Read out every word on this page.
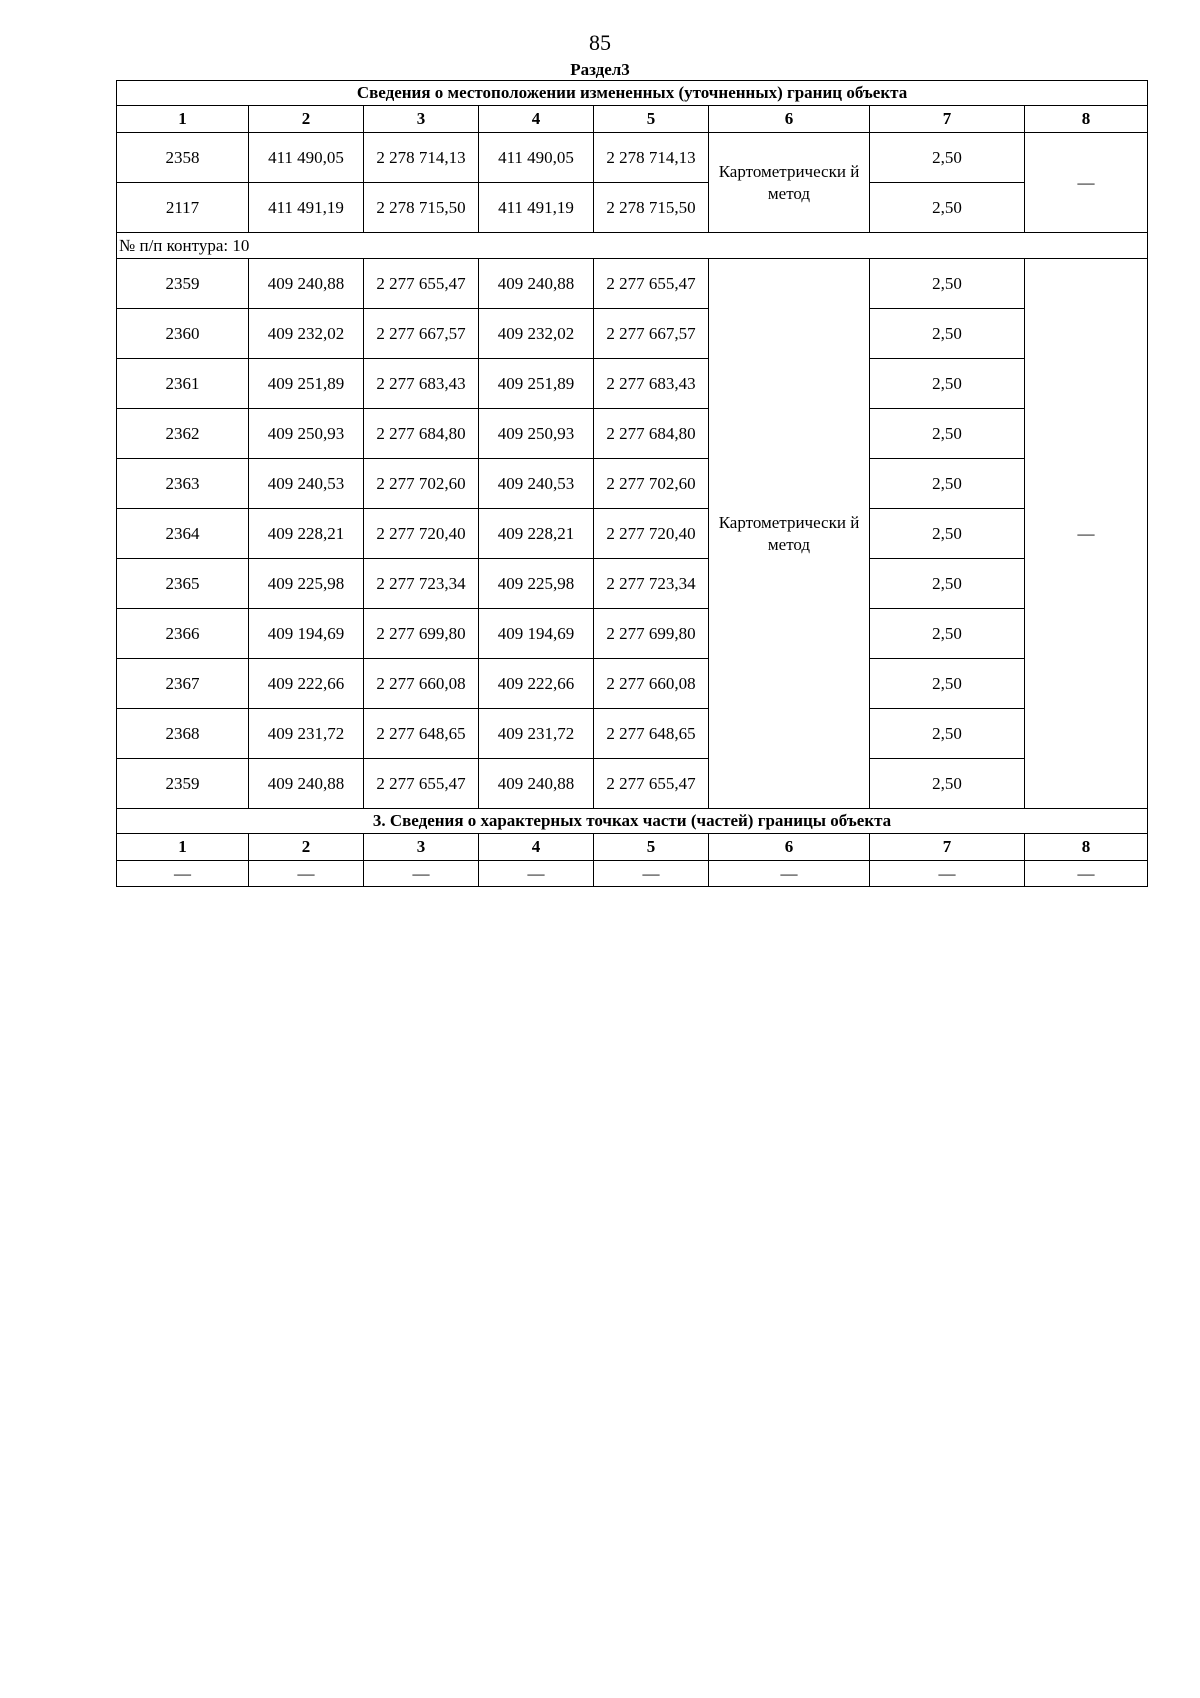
85
Раздел3
Сведения о местоположении измененных (уточненных) границ объекта							
1	2	3	4	5	6	7	8
2358	411 490,05	2 278 714,13	411 490,05	2 278 714,13	Картометрически й метод	2,50	—
2117	411 491,19	2 278 715,50	411 491,19	2 278 715,50		2,50	
№ п/п контура: 10							
2359	409 240,88	2 277 655,47	409 240,88	2 277 655,47	Картометрически й метод	2,50	—
2360	409 232,02	2 277 667,57	409 232,02	2 277 667,57		2,50	
2361	409 251,89	2 277 683,43	409 251,89	2 277 683,43		2,50	
2362	409 250,93	2 277 684,80	409 250,93	2 277 684,80		2,50	
2363	409 240,53	2 277 702,60	409 240,53	2 277 702,60		2,50	
2364	409 228,21	2 277 720,40	409 228,21	2 277 720,40		2,50	
2365	409 225,98	2 277 723,34	409 225,98	2 277 723,34		2,50	
2366	409 194,69	2 277 699,80	409 194,69	2 277 699,80		2,50	
2367	409 222,66	2 277 660,08	409 222,66	2 277 660,08		2,50	
2368	409 231,72	2 277 648,65	409 231,72	2 277 648,65		2,50	
2359	409 240,88	2 277 655,47	409 240,88	2 277 655,47		2,50	
3. Сведения о характерных точках части (частей) границы объекта							
1	2	3	4	5	6	7	8
—	—	—	—	—	—	—	—
